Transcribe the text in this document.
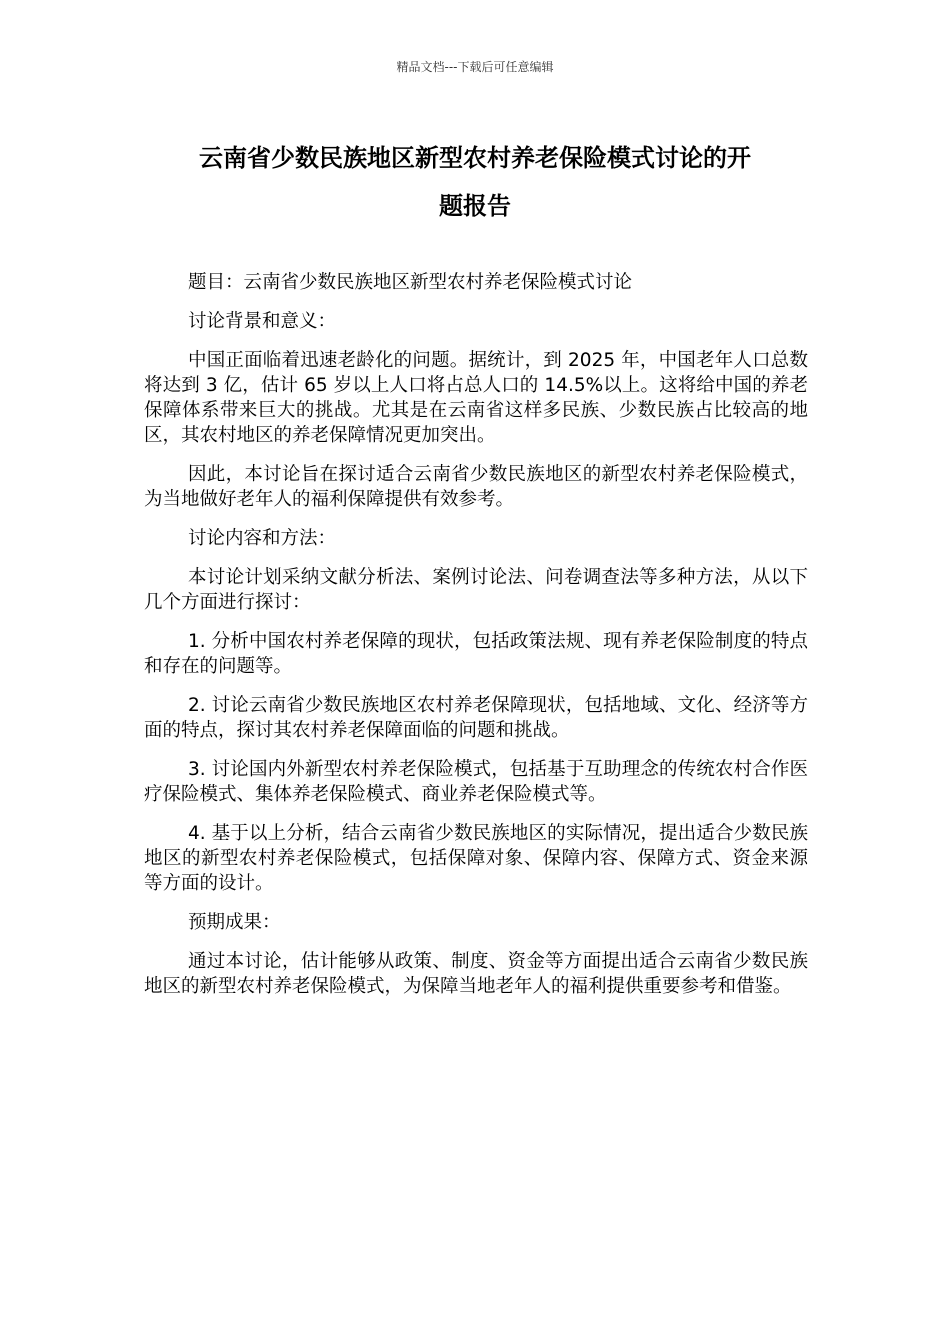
精品文档---下载后可任意编辑
云南省少数民族地区新型农村养老保险模式讨论的开
题报告

题目：云南省少数民族地区新型农村养老保险模式讨论

讨论背景和意义：

中国正面临着迅速老龄化的问题。据统计，到 2025 年，中国老年人口总数将达到 3 亿，估计 65 岁以上人口将占总人口的 14.5%以上。这将给中国的养老保障体系带来巨大的挑战。尤其是在云南省这样多民族、少数民族占比较高的地区，其农村地区的养老保障情况更加突出。

因此，本讨论旨在探讨适合云南省少数民族地区的新型农村养老保险模式，为当地做好老年人的福利保障提供有效参考。

讨论内容和方法：

本讨论计划采纳文献分析法、案例讨论法、问卷调查法等多种方法，从以下几个方面进行探讨：

1. 分析中国农村养老保障的现状，包括政策法规、现有养老保险制度的特点和存在的问题等。

2. 讨论云南省少数民族地区农村养老保障现状，包括地域、文化、经济等方面的特点，探讨其农村养老保障面临的问题和挑战。

3. 讨论国内外新型农村养老保险模式，包括基于互助理念的传统农村合作医疗保险模式、集体养老保险模式、商业养老保险模式等。

4. 基于以上分析，结合云南省少数民族地区的实际情况，提出适合少数民族地区的新型农村养老保险模式，包括保障对象、保障内容、保障方式、资金来源等方面的设计。

预期成果：

通过本讨论，估计能够从政策、制度、资金等方面提出适合云南省少数民族地区的新型农村养老保险模式，为保障当地老年人的福利提供重要参考和借鉴。
